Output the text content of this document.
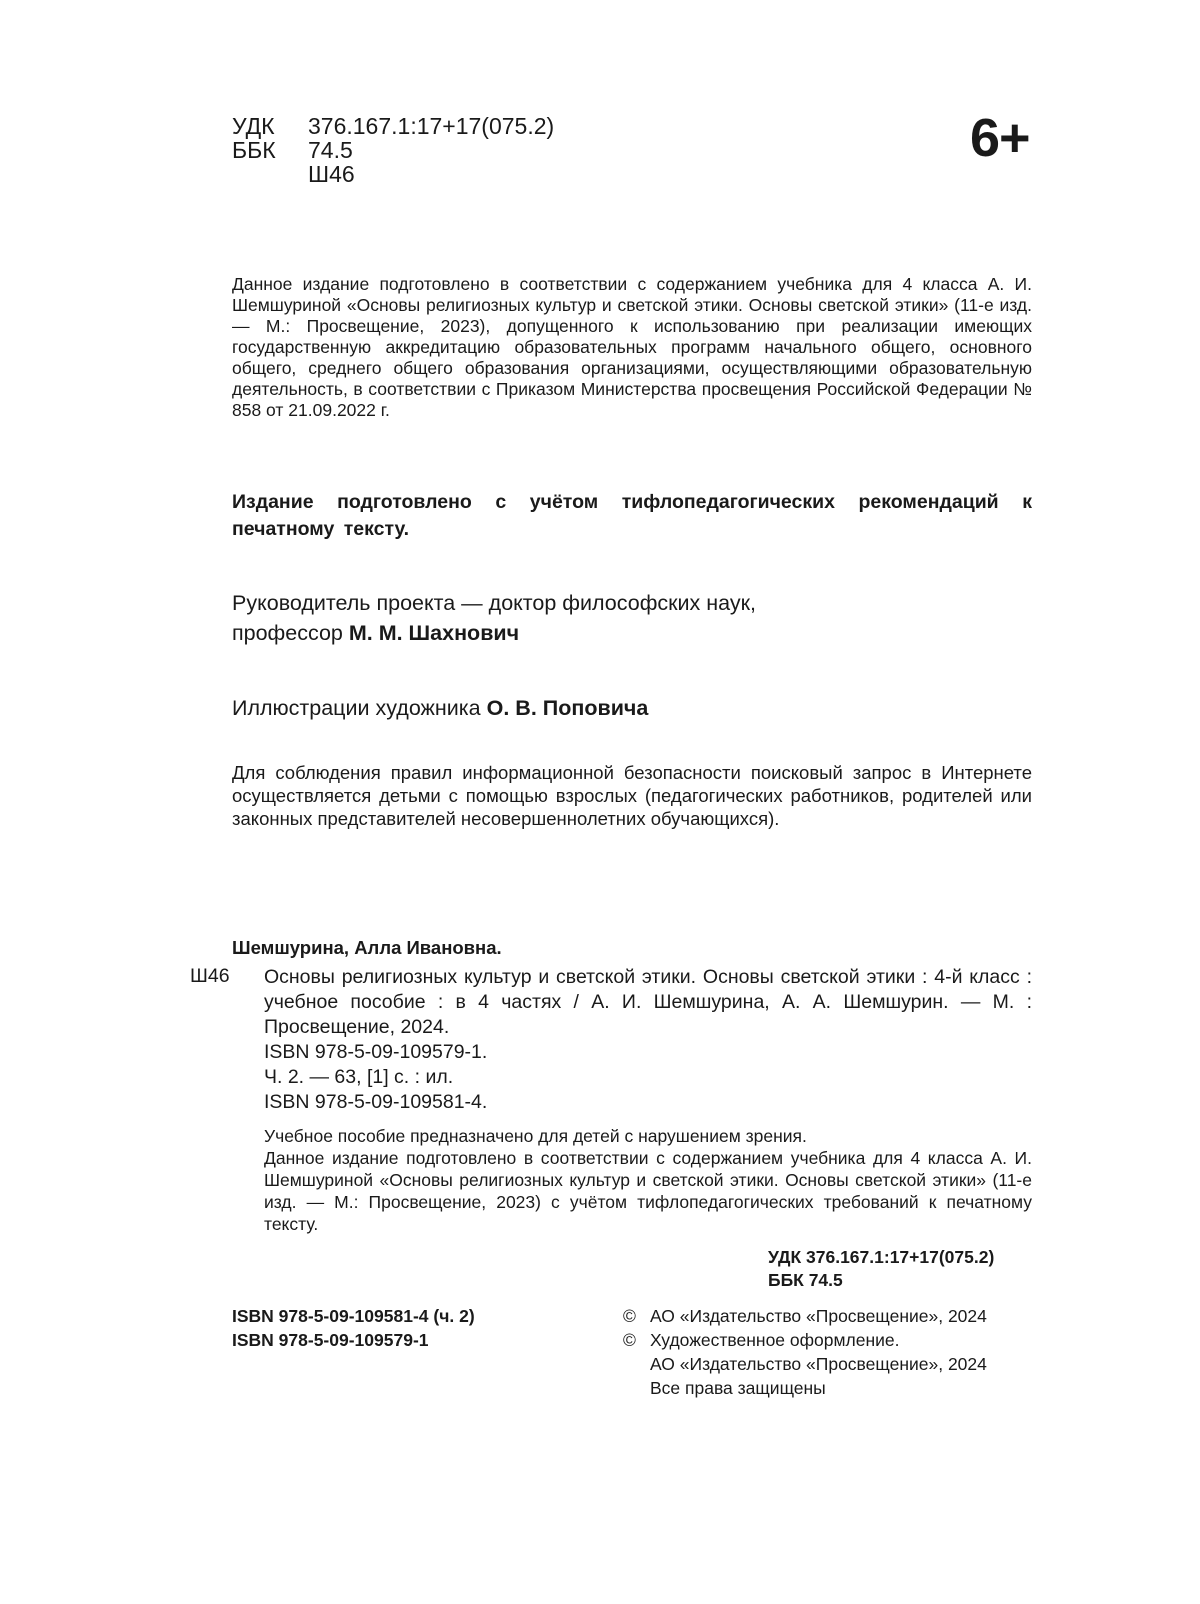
УДК	376.167.1:17+17(075.2)
ББК	74.5
Ш46
6+
Данное издание подготовлено в соответствии с содержанием учебника для 4 класса А. И. Шемшуриной «Основы религиозных культур и светской этики. Основы светской этики» (11-е изд. — М.: Просвещение, 2023), допущенного к использованию при реализации имеющих государственную аккредитацию образовательных программ начального общего, основного общего, среднего общего образования организациями, осуществляющими образовательную деятельность, в соответствии с Приказом Министерства просвещения Российской Федерации № 858 от 21.09.2022 г.
Издание подготовлено с учётом тифлопедагогических рекомендаций к печатному тексту.
Руководитель проекта — доктор философских наук,
профессор М. М. Шахнович
Иллюстрации художника О. В. Поповича
Для соблюдения правил информационной безопасности поисковый запрос в Интернете осуществляется детьми с помощью взрослых (педагогических работников, родителей или законных представителей несовершеннолетних обучающихся).
Шемшурина, Алла Ивановна.
Ш46 Основы религиозных культур и светской этики. Основы светской этики : 4-й класс : учебное пособие : в 4 частях / А. И. Шемшурина, А. А. Шемшурин. — М. : Просвещение, 2024.
ISBN 978-5-09-109579-1.
Ч. 2. — 63, [1] с. : ил.
ISBN 978-5-09-109581-4.
Учебное пособие предназначено для детей с нарушением зрения.
Данное издание подготовлено в соответствии с содержанием учебника для 4 класса А. И. Шемшуриной «Основы религиозных культур и светской этики. Основы светской этики» (11-е изд. — М.: Просвещение, 2023) с учётом тифлопедагогических требований к печатному тексту.
УДК 376.167.1:17+17(075.2)
ББК 74.5
ISBN 978-5-09-109581-4 (ч. 2)
ISBN 978-5-09-109579-1
© АО «Издательство «Просвещение», 2024
© Художественное оформление.
АО «Издательство «Просвещение», 2024
Все права защищены
